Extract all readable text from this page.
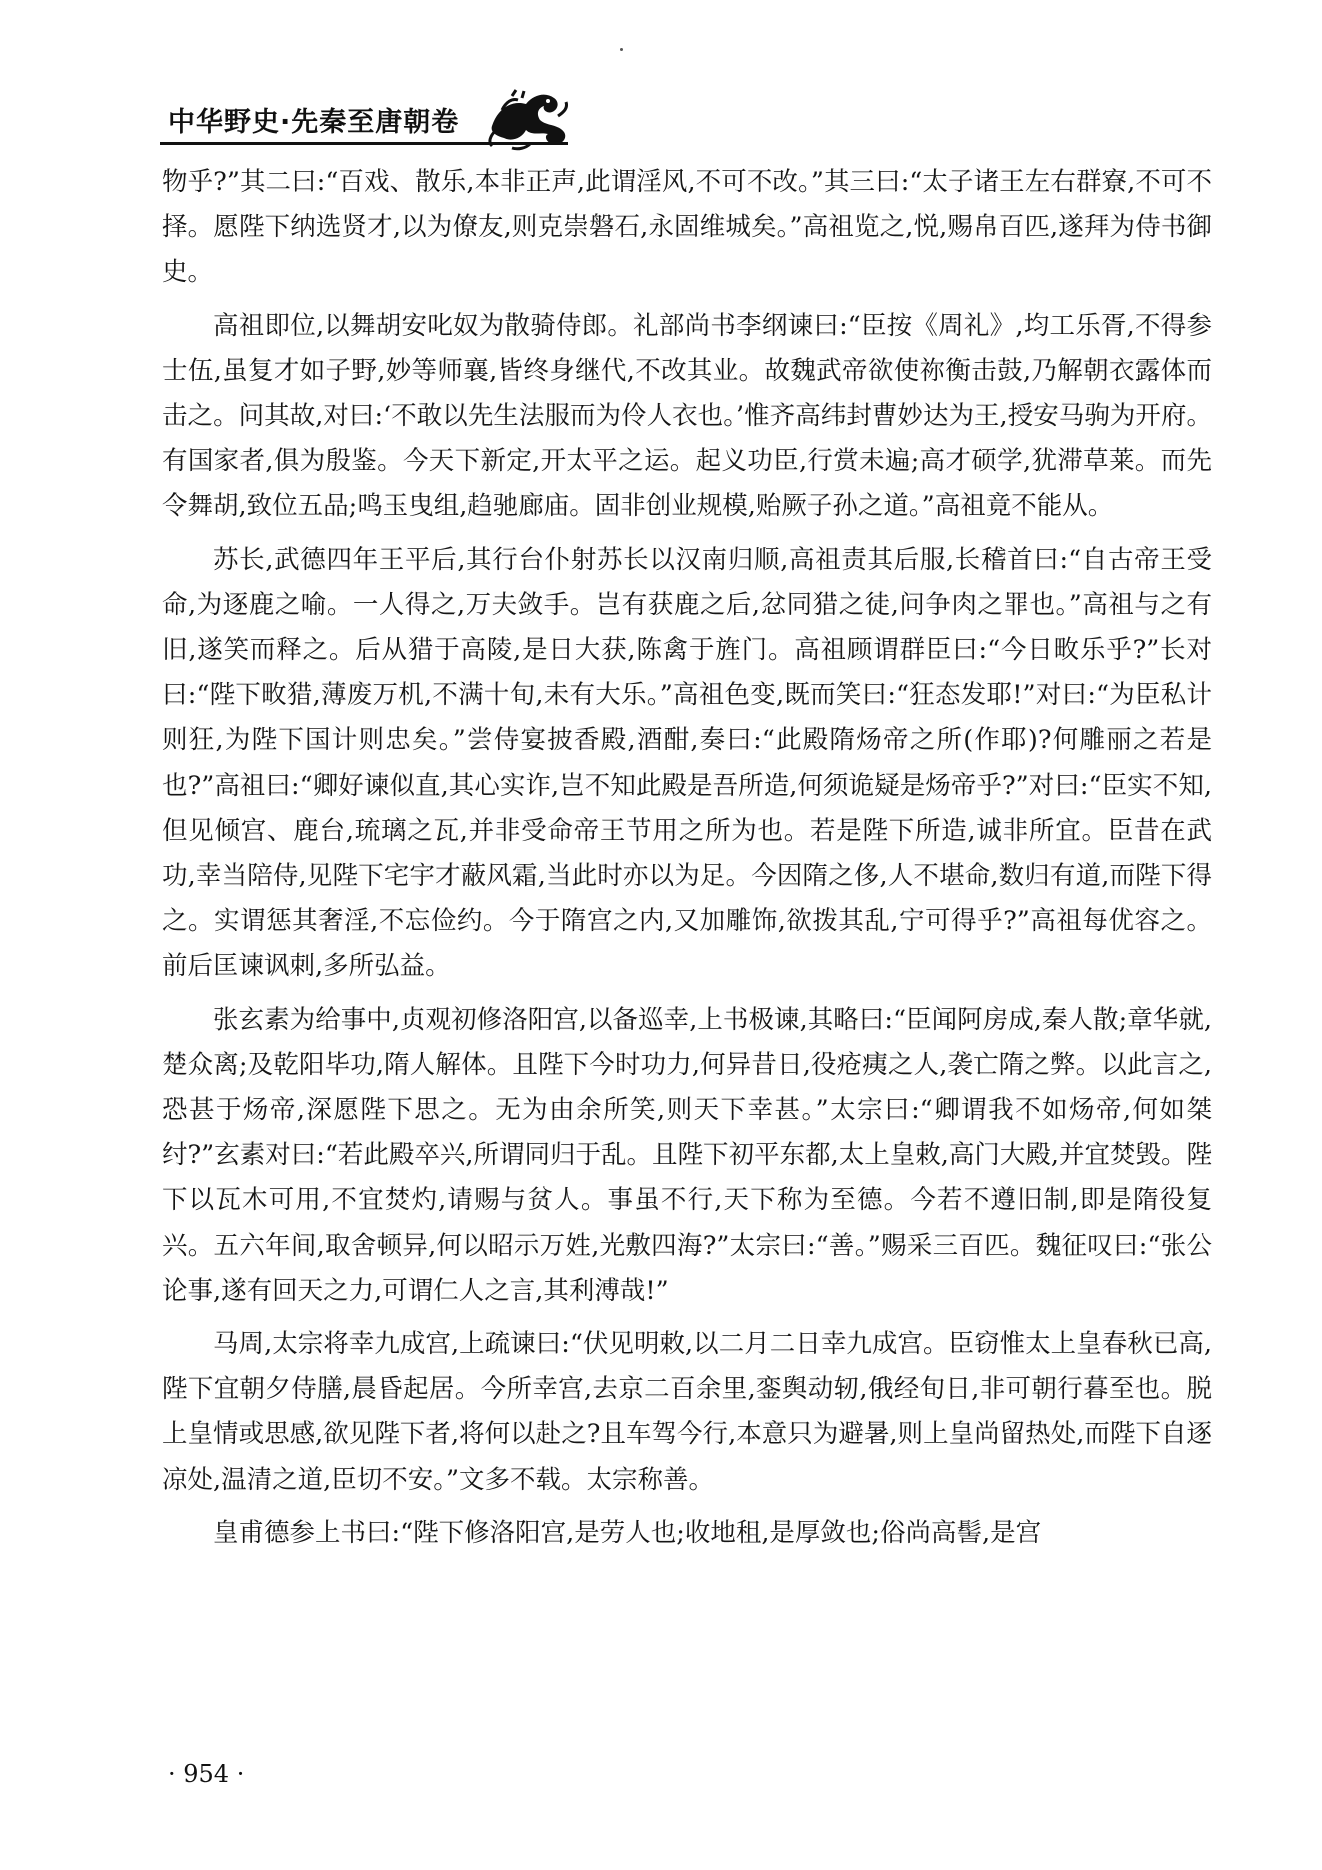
中华野史·先秦至唐朝卷

物乎?”其二曰:“百戏、散乐,本非正声,此谓淫风,不可不改。”其三曰:“太子诸王左右群寮,不可不择。愿陛下纳选贤才,以为僚友,则克崇磐石,永固维城矣。”高祖览之,悦,赐帛百匹,遂拜为侍书御史。

高祖即位,以舞胡安叱奴为散骑侍郎。礼部尚书李纲谏曰:“臣按《周礼》,均工乐胥,不得参士伍,虽复才如子野,妙等师襄,皆终身继代,不改其业。故魏武帝欲使祢衡击鼓,乃解朝衣露体而击之。问其故,对曰:‘不敢以先生法服而为伶人衣也。’惟齐高纬封曹妙达为王,授安马驹为开府。有国家者,俱为殷鉴。今天下新定,开太平之运。起义功臣,行赏未遍;高才硕学,犹滞草莱。而先令舞胡,致位五品;鸣玉曳组,趋驰廊庙。固非创业规模,贻厥子孙之道。”高祖竟不能从。

苏长,武德四年王平后,其行台仆射苏长以汉南归顺,高祖责其后服,长稽首曰:“自古帝王受命,为逐鹿之喻。一人得之,万夫敛手。岂有获鹿之后,忿同猎之徒,问争肉之罪也。”高祖与之有旧,遂笑而释之。后从猎于高陵,是日大获,陈禽于旌门。高祖顾谓群臣曰:“今日畋乐乎?”长对曰:“陛下畋猎,薄废万机,不满十旬,未有大乐。”高祖色变,既而笑曰:“狂态发耶!”对曰:“为臣私计则狂,为陛下国计则忠矣。”尝侍宴披香殿,酒酣,奏曰:“此殿隋炀帝之所(作耶)?何雕丽之若是也?”高祖曰:“卿好谏似直,其心实诈,岂不知此殿是吾所造,何须诡疑是炀帝乎?”对曰:“臣实不知,但见倾宫、鹿台,琉璃之瓦,并非受命帝王节用之所为也。若是陛下所造,诚非所宜。臣昔在武功,幸当陪侍,见陛下宅宇才蔽风霜,当此时亦以为足。今因隋之侈,人不堪命,数归有道,而陛下得之。实谓惩其奢淫,不忘俭约。今于隋宫之内,又加雕饰,欲拨其乱,宁可得乎?”高祖每优容之。前后匡谏讽刺,多所弘益。

张玄素为给事中,贞观初修洛阳宫,以备巡幸,上书极谏,其略曰:“臣闻阿房成,秦人散;章华就,楚众离;及乾阳毕功,隋人解体。且陛下今时功力,何异昔日,役疮痍之人,袭亡隋之弊。以此言之,恐甚于炀帝,深愿陛下思之。无为由余所笑,则天下幸甚。”太宗曰:“卿谓我不如炀帝,何如桀纣?”玄素对曰:“若此殿卒兴,所谓同归于乱。且陛下初平东都,太上皇敕,高门大殿,并宜焚毁。陛下以瓦木可用,不宜焚灼,请赐与贫人。事虽不行,天下称为至德。今若不遵旧制,即是隋役复兴。五六年间,取舍顿异,何以昭示万姓,光敷四海?”太宗曰:“善。”赐采三百匹。魏征叹曰:“张公论事,遂有回天之力,可谓仁人之言,其利溥哉!”

马周,太宗将幸九成宫,上疏谏曰:“伏见明敕,以二月二日幸九成宫。臣窃惟太上皇春秋已高,陛下宜朝夕侍膳,晨昏起居。今所幸宫,去京二百余里,銮舆动轫,俄经旬日,非可朝行暮至也。脱上皇情或思感,欲见陛下者,将何以赴之?且车驾今行,本意只为避暑,则上皇尚留热处,而陛下自逐凉处,温清之道,臣切不安。”文多不载。太宗称善。

皇甫德参上书曰:“陛下修洛阳宫,是劳人也;收地租,是厚敛也;俗尚高髻,是宫

· 954 ·
